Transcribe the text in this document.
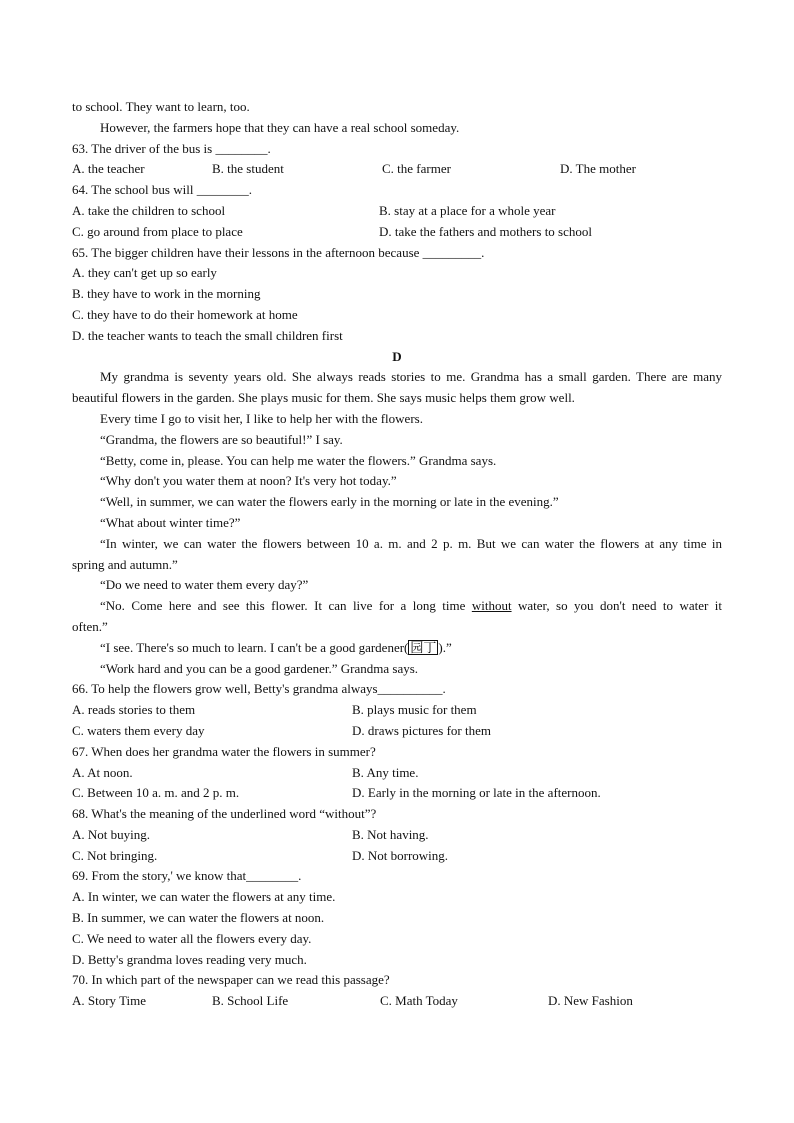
to school. They want to learn, too.
However, the farmers hope that they can have a real school someday.
63. The driver of the bus is ________.
A. the teacher	B. the student	C. the farmer	D. The mother
64. The school bus will ________.
A. take the children to school	B. stay at a place for a whole year
C. go around from place to place	D. take the fathers and mothers to school
65. The bigger children have their lessons in the afternoon because _________.
A. they can't get up so early
B. they have to work in the morning
C. they have to do their homework at home
D. the teacher wants to teach the small children first
D
My grandma is seventy years old. She always reads stories to me. Grandma has a small garden. There are many
beautiful flowers in the garden. She plays music for them. She says music helps them grow well.
Every time I go to visit her, I like to help her with the flowers.
“Grandma, the flowers are so beautiful!” I say.
“Betty, come in, please. You can help me water the flowers.” Grandma says.
“Why don't you water them at noon? It's very hot today.”
“Well, in summer, we can water the flowers early in the morning or late in the evening.”
“What about winter time?”
“In winter, we can water the flowers between 10 a. m. and 2 p. m. But we can water the flowers at any time in
spring and autumn.”
“Do we need to water them every day?”
“No. Come here and see this flower. It can live for a long time without water, so you don't need to water it
often.”
“I see. There's so much to learn. I can't be a good gardener( 园丁 ).”
“Work hard and you can be a good gardener.” Grandma says.
66. To help the flowers grow well, Betty's grandma always__________.
A. reads stories to them	B. plays music for them
C. waters them every day	D. draws pictures for them
67. When does her grandma water the flowers in summer?
A. At noon.	B. Any time.
C. Between 10 a. m. and 2 p. m.	D. Early in the morning or late in the afternoon.
68. What's the meaning of the underlined word “without”?
A. Not buying.	B. Not having.
C. Not bringing.	D. Not borrowing.
69. From the story,' we know that________.
A. In winter, we can water the flowers at any time.
B. In summer, we can water the flowers at noon.
C. We need to water all the flowers every day.
D. Betty's grandma loves reading very much.
70. In which part of the newspaper can we read this passage?
A. Story Time	B. School Life	C. Math Today	D. New Fashion
